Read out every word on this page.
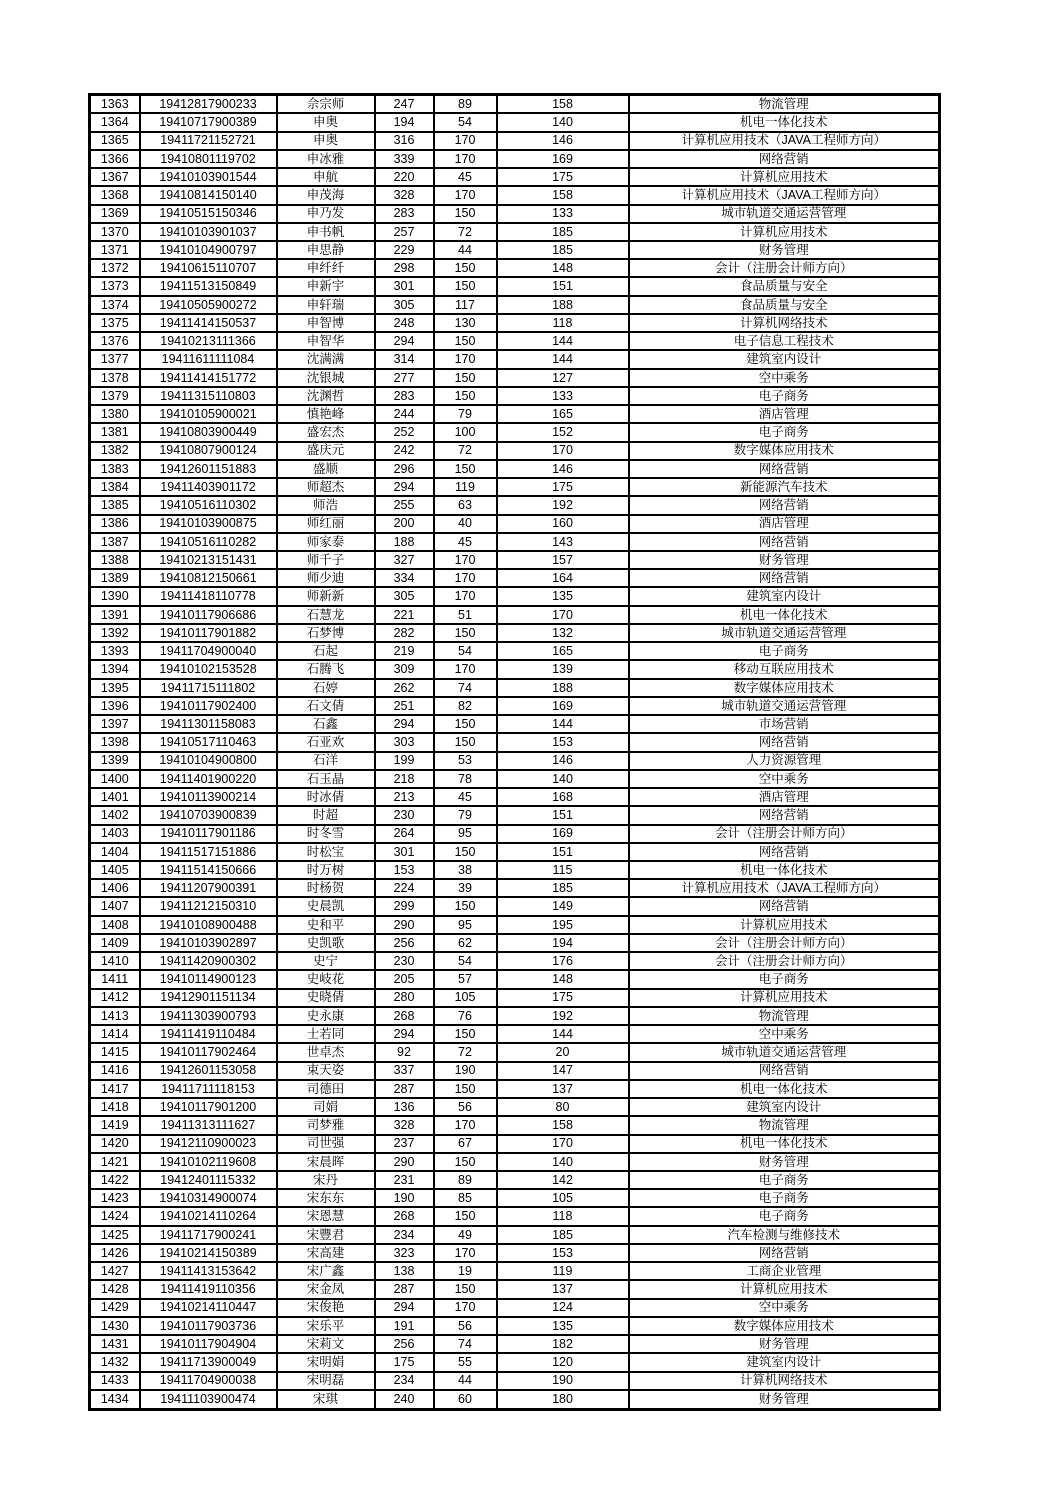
1363	19412817900233	佘宗师	247	89	158	物流管理
1364	19410717900389	申奥	194	54	140	机电一体化技术
1365	19411721152721	申奥	316	170	146	计算机应用技术（JAVA工程师方向）
1366	19410801119702	申冰雅	339	170	169	网络营销
1367	19410103901544	申航	220	45	175	计算机应用技术
1368	19410814150140	申茂海	328	170	158	计算机应用技术（JAVA工程师方向）
1369	19410515150346	申乃发	283	150	133	城市轨道交通运营管理
1370	19410103901037	申书帆	257	72	185	计算机应用技术
1371	19410104900797	申思静	229	44	185	财务管理
1372	19410615110707	申纤纤	298	150	148	会计（注册会计师方向）
1373	19411513150849	申新宇	301	150	151	食品质量与安全
1374	19410505900272	申轩瑞	305	117	188	食品质量与安全
1375	19411414150537	申智博	248	130	118	计算机网络技术
1376	19410213111366	申智华	294	150	144	电子信息工程技术
1377	19411611111084	沈满满	314	170	144	建筑室内设计
1378	19411414151772	沈银城	277	150	127	空中乘务
1379	19411315110803	沈渊哲	283	150	133	电子商务
1380	19410105900021	慎艳峰	244	79	165	酒店管理
1381	19410803900449	盛宏杰	252	100	152	电子商务
1382	19410807900124	盛庆元	242	72	170	数字媒体应用技术
1383	19412601151883	盛顺	296	150	146	网络营销
1384	19411403901172	师超杰	294	119	175	新能源汽车技术
1385	19410516110302	师浩	255	63	192	网络营销
1386	19410103900875	师红丽	200	40	160	酒店管理
1387	19410516110282	师家泰	188	45	143	网络营销
1388	19410213151431	师千子	327	170	157	财务管理
1389	19410812150661	师少迪	334	170	164	网络营销
1390	19411418110778	师新新	305	170	135	建筑室内设计
1391	19410117906686	石慧龙	221	51	170	机电一体化技术
1392	19410117901882	石梦博	282	150	132	城市轨道交通运营管理
1393	19411704900040	石起	219	54	165	电子商务
1394	19410102153528	石腾飞	309	170	139	移动互联应用技术
1395	19411715111802	石婷	262	74	188	数字媒体应用技术
1396	19410117902400	石文倩	251	82	169	城市轨道交通运营管理
1397	19411301158083	石鑫	294	150	144	市场营销
1398	19410517110463	石亚欢	303	150	153	网络营销
1399	19410104900800	石洋	199	53	146	人力资源管理
1400	19411401900220	石玉晶	218	78	140	空中乘务
1401	19410113900214	时冰倩	213	45	168	酒店管理
1402	19410703900839	时超	230	79	151	网络营销
1403	19410117901186	时冬雪	264	95	169	会计（注册会计师方向）
1404	19411517151886	时松宝	301	150	151	网络营销
1405	19411514150666	时万树	153	38	115	机电一体化技术
1406	19411207900391	时杨贺	224	39	185	计算机应用技术（JAVA工程师方向）
1407	19411212150310	史晨凯	299	150	149	网络营销
1408	19410108900488	史和平	290	95	195	计算机应用技术
1409	19410103902897	史凯歌	256	62	194	会计（注册会计师方向）
1410	19411420900302	史宁	230	54	176	会计（注册会计师方向）
1411	19410114900123	史岐花	205	57	148	电子商务
1412	19412901151134	史晓倩	280	105	175	计算机应用技术
1413	19411303900793	史永康	268	76	192	物流管理
1414	19411419110484	士若同	294	150	144	空中乘务
1415	19410117902464	世卓杰	92	72	20	城市轨道交通运营管理
1416	19412601153058	束天姿	337	190	147	网络营销
1417	19411711118153	司德田	287	150	137	机电一体化技术
1418	19410117901200	司娟	136	56	80	建筑室内设计
1419	19411313111627	司梦雅	328	170	158	物流管理
1420	19412110900023	司世强	237	67	170	机电一体化技术
1421	19410102119608	宋晨晖	290	150	140	财务管理
1422	19412401115332	宋丹	231	89	142	电子商务
1423	19410314900074	宋东东	190	85	105	电子商务
1424	19410214110264	宋恩慧	268	150	118	电子商务
1425	19411717900241	宋豐君	234	49	185	汽车检测与维修技术
1426	19410214150389	宋高建	323	170	153	网络营销
1427	19411413153642	宋广鑫	138	19	119	工商企业管理
1428	19411419110356	宋金凤	287	150	137	计算机应用技术
1429	19410214110447	宋俊艳	294	170	124	空中乘务
1430	19410117903736	宋乐平	191	56	135	数字媒体应用技术
1431	19410117904904	宋莉文	256	74	182	财务管理
1432	19411713900049	宋明娟	175	55	120	建筑室内设计
1433	19411704900038	宋明磊	234	44	190	计算机网络技术
1434	19411103900474	宋琪	240	60	180	财务管理
